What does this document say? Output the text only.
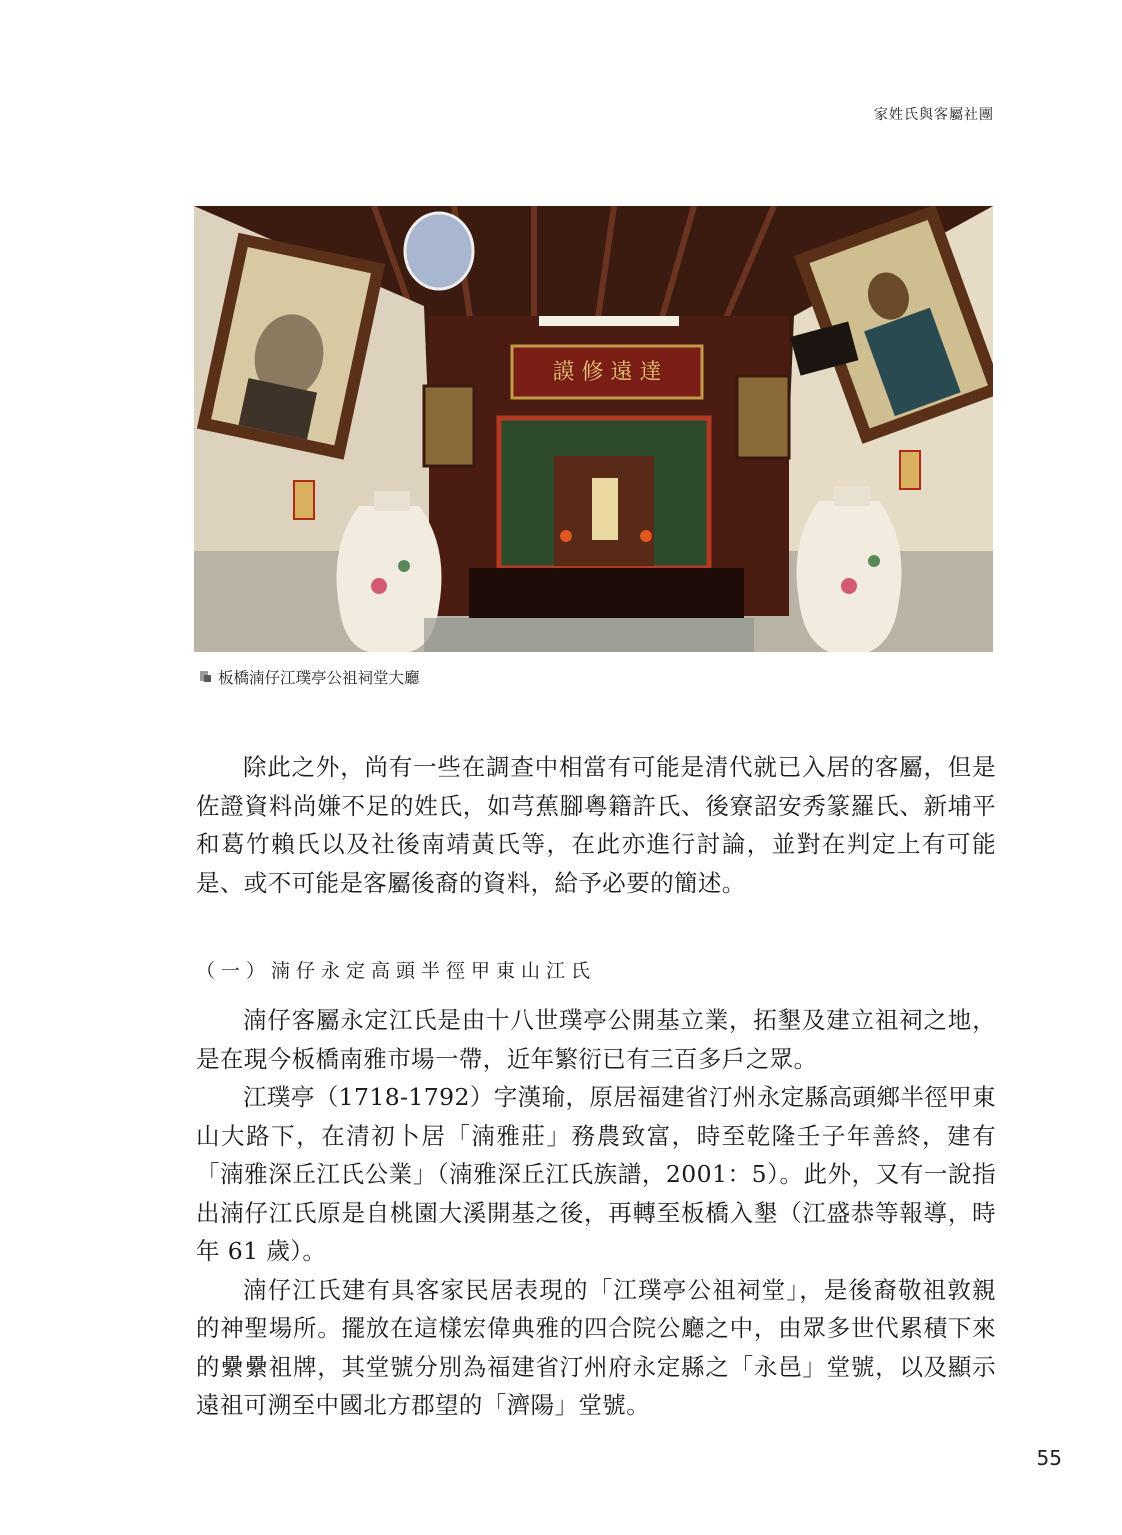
家姓氏與客屬社團
謨 修 遠 達
板橋湳仔江璞亭公祖祠堂大廳

除此之外，尚有一些在調查中相當有可能是清代就已入居的客屬，但是佐證資料尚嫌不足的姓氏，如芎蕉腳粵籍許氏、後寮詔安秀篆羅氏、新埔平和葛竹賴氏以及社後南靖黃氏等，在此亦進行討論，並對在判定上有可能是、或不可能是客屬後裔的資料，給予必要的簡述。

（一）湳仔永定高頭半徑甲東山江氏

湳仔客屬永定江氏是由十八世璞亭公開基立業，拓墾及建立祖祠之地，是在現今板橋南雅市場一帶，近年繁衍已有三百多戶之眾。

江璞亭（1718-1792）字漢瑜，原居福建省汀州永定縣高頭鄉半徑甲東山大路下，在清初卜居「湳雅莊」務農致富，時至乾隆壬子年善終，建有「湳雅深丘江氏公業」（湳雅深丘江氏族譜，2001：5）。此外，又有一說指出湳仔江氏原是自桃園大溪開基之後，再轉至板橋入墾（江盛恭等報導，時年 61 歲）。

湳仔江氏建有具客家民居表現的「江璞亭公祖祠堂」，是後裔敬祖敦親的神聖場所。擺放在這樣宏偉典雅的四合院公廳之中，由眾多世代累積下來的纍纍祖牌，其堂號分別為福建省汀州府永定縣之「永邑」堂號，以及顯示遠祖可溯至中國北方郡望的「濟陽」堂號。

55
